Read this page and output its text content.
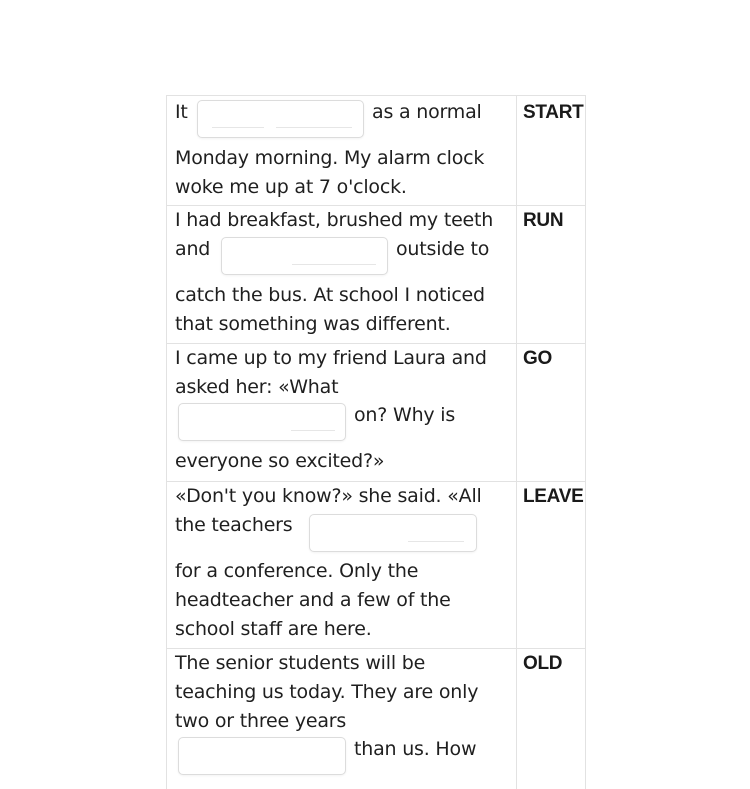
It	as a normal
Monday morning. My alarm clock
woke me up at 7 o'clock.
START
I had breakfast, brushed my teeth
and	outside to
catch the bus. At school I noticed
that something was different.
RUN
I came up to my friend Laura and
asked her: «What
on? Why is
everyone so excited?»
GO
«Don't you know?» she said. «All
the teachers
for a conference. Only the
headteacher and a few of the
school staff are here.
LEAVE
The senior students will be
teaching us today. They are only
two or three years
than us. How
OLD
